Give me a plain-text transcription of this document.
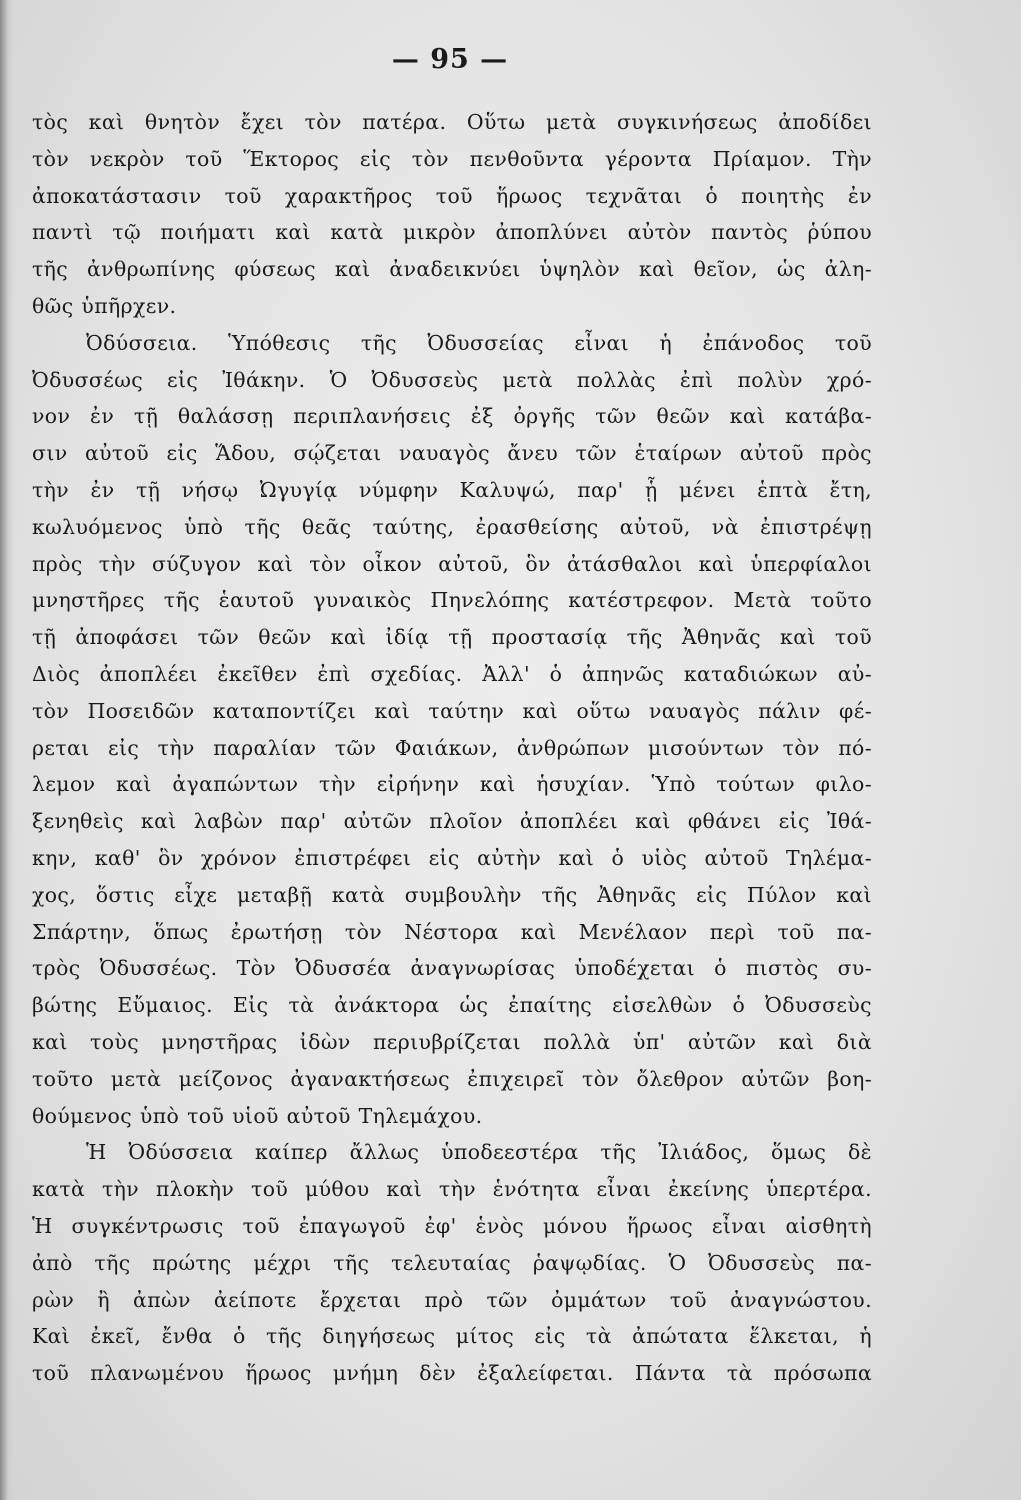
— 95 —
τὸς καὶ θνητὸν ἔχει τὸν πατέρα. Οὕτω μετὰ συγκινήσεως ἀποδίδει
τὸν νεκρὸν τοῦ Ἕκτορος εἰς τὸν πενθοῦντα γέροντα Πρίαμον. Τὴν
ἀποκατάστασιν τοῦ χαρακτῆρος τοῦ ἥρωος τεχνᾶται ὁ ποιητὴς ἐν
παντὶ τῷ ποιήματι καὶ κατὰ μικρὸν ἀποπλύνει αὐτὸν παντὸς ῥύπου
τῆς ἀνθρωπίνης φύσεως καὶ ἀναδεικνύει ὑψηλὸν καὶ θεῖον, ὡς ἀλη-
θῶς ὑπῆρχεν.
Ὀδύσσεια. Ὑπόθεσις τῆς Ὀδυσσείας εἶναι ἡ ἐπάνοδος τοῦ
Ὀδυσσέως εἰς Ἰθάκην. Ὁ Ὀδυσσεὺς μετὰ πολλὰς ἐπὶ πολὺν χρό-
νον ἐν τῇ θαλάσσῃ περιπλανήσεις ἐξ ὀργῆς τῶν θεῶν καὶ κατάβα-
σιν αὐτοῦ εἰς Ἅδου, σῴζεται ναυαγὸς ἄνευ τῶν ἑταίρων αὐτοῦ πρὸς
τὴν ἐν τῇ νήσῳ Ὠγυγίᾳ νύμφην Καλυψώ, παρ' ᾗ μένει ἑπτὰ ἔτη,
κωλυόμενος ὑπὸ τῆς θεᾶς ταύτης, ἐρασθείσης αὐτοῦ, νὰ ἐπιστρέψῃ
πρὸς τὴν σύζυγον καὶ τὸν οἶκον αὐτοῦ, ὃν ἀτάσθαλοι καὶ ὑπερφίαλοι
μνηστῆρες τῆς ἑαυτοῦ γυναικὸς Πηνελόπης κατέστρεφον. Μετὰ τοῦτο
τῇ ἀποφάσει τῶν θεῶν καὶ ἰδίᾳ τῇ προστασίᾳ τῆς Ἀθηνᾶς καὶ τοῦ
Διὸς ἀποπλέει ἐκεῖθεν ἐπὶ σχεδίας. Ἀλλ' ὁ ἀπηνῶς καταδιώκων αὐ-
τὸν Ποσειδῶν καταποντίζει καὶ ταύτην καὶ οὕτω ναυαγὸς πάλιν φέ-
ρεται εἰς τὴν παραλίαν τῶν Φαιάκων, ἀνθρώπων μισούντων τὸν πό-
λεμον καὶ ἀγαπώντων τὴν εἰρήνην καὶ ἡσυχίαν. Ὑπὸ τούτων φιλο-
ξενηθεὶς καὶ λαβὼν παρ' αὐτῶν πλοῖον ἀποπλέει καὶ φθάνει εἰς Ἰθά-
κην, καθ' ὃν χρόνον ἐπιστρέφει εἰς αὐτὴν καὶ ὁ υἱὸς αὐτοῦ Τηλέμα-
χος, ὅστις εἶχε μεταβῇ κατὰ συμβουλὴν τῆς Ἀθηνᾶς εἰς Πύλον καὶ
Σπάρτην, ὅπως ἐρωτήσῃ τὸν Νέστορα καὶ Μενέλαον περὶ τοῦ πα-
τρὸς Ὀδυσσέως. Τὸν Ὀδυσσέα ἀναγνωρίσας ὑποδέχεται ὁ πιστὸς συ-
βώτης Εὔμαιος. Εἰς τὰ ἀνάκτορα ὡς ἐπαίτης εἰσελθὼν ὁ Ὀδυσσεὺς
καὶ τοὺς μνηστῆρας ἰδὼν περιυβρίζεται πολλὰ ὑπ' αὐτῶν καὶ διὰ
τοῦτο μετὰ μείζονος ἀγανακτήσεως ἐπιχειρεῖ τὸν ὄλεθρον αὐτῶν βοη-
θούμενος ὑπὸ τοῦ υἱοῦ αὐτοῦ Τηλεμάχου.
Ἡ Ὀδύσσεια καίπερ ἄλλως ὑποδεεστέρα τῆς Ἰλιάδος, ὅμως δὲ
κατὰ τὴν πλοκὴν τοῦ μύθου καὶ τὴν ἑνότητα εἶναι ἐκείνης ὑπερτέρα.
Ἡ συγκέντρωσις τοῦ ἐπαγωγοῦ ἐφ' ἑνὸς μόνου ἥρωος εἶναι αἰσθητὴ
ἀπὸ τῆς πρώτης μέχρι τῆς τελευταίας ῥαψῳδίας. Ὁ Ὀδυσσεὺς πα-
ρὼν ἢ ἀπὼν ἀείποτε ἔρχεται πρὸ τῶν ὀμμάτων τοῦ ἀναγνώστου.
Καὶ ἐκεῖ, ἔνθα ὁ τῆς διηγήσεως μίτος εἰς τὰ ἀπώτατα ἕλκεται, ἡ
τοῦ πλανωμένου ἥρωος μνήμη δὲν ἐξαλείφεται. Πάντα τὰ πρόσωπα
